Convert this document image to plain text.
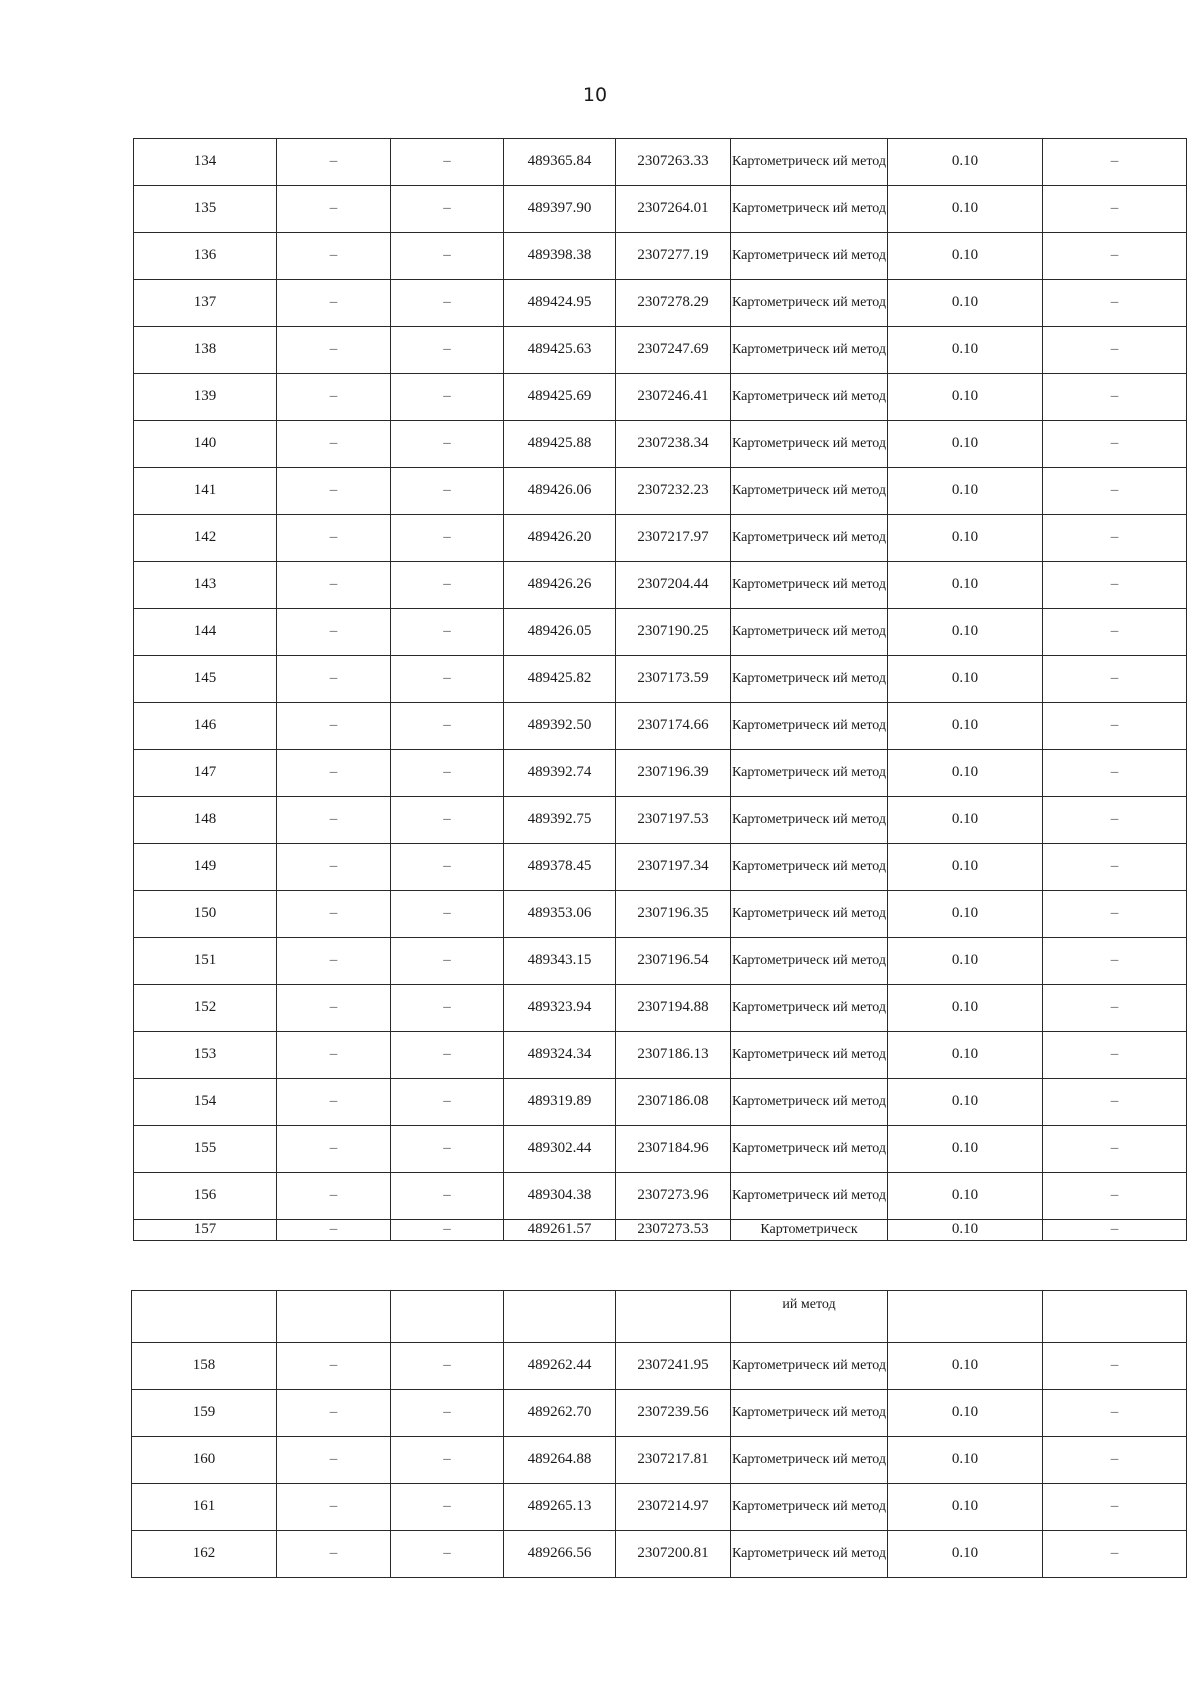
10
134	–	–	489365.84	2307263.33	Картометрическ ий метод	0.10	–
135	–	–	489397.90	2307264.01	Картометрическ ий метод	0.10	–
136	–	–	489398.38	2307277.19	Картометрическ ий метод	0.10	–
137	–	–	489424.95	2307278.29	Картометрическ ий метод	0.10	–
138	–	–	489425.63	2307247.69	Картометрическ ий метод	0.10	–
139	–	–	489425.69	2307246.41	Картометрическ ий метод	0.10	–
140	–	–	489425.88	2307238.34	Картометрическ ий метод	0.10	–
141	–	–	489426.06	2307232.23	Картометрическ ий метод	0.10	–
142	–	–	489426.20	2307217.97	Картометрическ ий метод	0.10	–
143	–	–	489426.26	2307204.44	Картометрическ ий метод	0.10	–
144	–	–	489426.05	2307190.25	Картометрическ ий метод	0.10	–
145	–	–	489425.82	2307173.59	Картометрическ ий метод	0.10	–
146	–	–	489392.50	2307174.66	Картометрическ ий метод	0.10	–
147	–	–	489392.74	2307196.39	Картометрическ ий метод	0.10	–
148	–	–	489392.75	2307197.53	Картометрическ ий метод	0.10	–
149	–	–	489378.45	2307197.34	Картометрическ ий метод	0.10	–
150	–	–	489353.06	2307196.35	Картометрическ ий метод	0.10	–
151	–	–	489343.15	2307196.54	Картометрическ ий метод	0.10	–
152	–	–	489323.94	2307194.88	Картометрическ ий метод	0.10	–
153	–	–	489324.34	2307186.13	Картометрическ ий метод	0.10	–
154	–	–	489319.89	2307186.08	Картометрическ ий метод	0.10	–
155	–	–	489302.44	2307184.96	Картометрическ ий метод	0.10	–
156	–	–	489304.38	2307273.96	Картометрическ ий метод	0.10	–
157	–	–	489261.57	2307273.53	Картометрическ	0.10	–
					ий метод		
158	–	–	489262.44	2307241.95	Картометрическ ий метод	0.10	–
159	–	–	489262.70	2307239.56	Картометрическ ий метод	0.10	–
160	–	–	489264.88	2307217.81	Картометрическ ий метод	0.10	–
161	–	–	489265.13	2307214.97	Картометрическ ий метод	0.10	–
162	–	–	489266.56	2307200.81	Картометрическ ий метод	0.10	–
